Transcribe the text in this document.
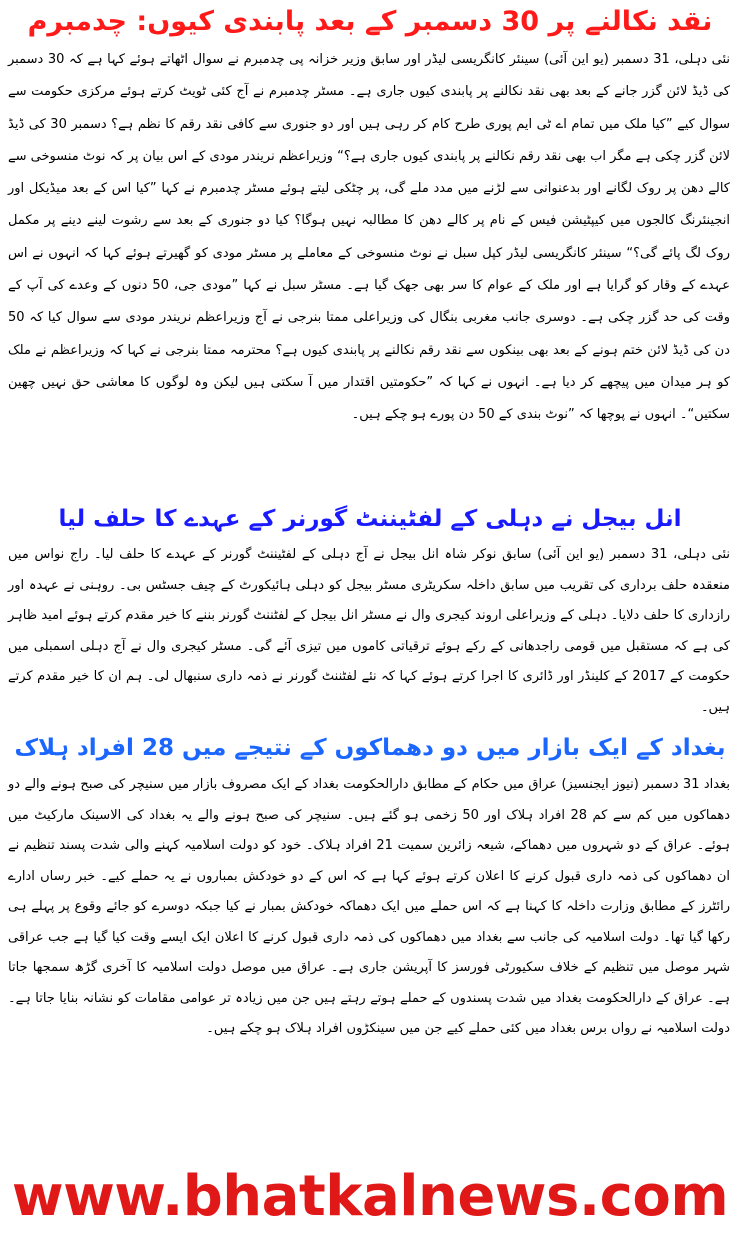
نقد نکالنے پر 30 دسمبر کے بعد پابندی کیوں: چدمبرم

نئی دہلی، 31 دسمبر (یو این آئی) سینئر کانگریسی لیڈر اور سابق وزیر خزانہ پی چدمبرم نے سوال اٹھاتے ہوئے کہا ہے کہ 30 دسمبر کی ڈیڈ لائن گزر جانے کے بعد بھی نقد نکالنے پر پابندی کیوں جاری ہے۔ مسٹر چدمبرم نے آج کئی ٹویٹ کرتے ہوئے مرکزی حکومت سے سوال کیے ”کیا ملک میں تمام اے ٹی ایم پوری طرح کام کر رہی ہیں اور دو جنوری سے کافی نقد رقم کا نظم ہے؟ دسمبر 30 کی ڈیڈ لائن گزر چکی ہے مگر اب بھی نقد رقم نکالنے پر پابندی کیوں جاری ہے؟“ وزیراعظم نریندر مودی کے اس بیان پر کہ نوٹ منسوخی سے کالے دھن پر روک لگانے اور بدعنوانی سے لڑنے میں مدد ملے گی، پر چٹکی لیتے ہوئے مسٹر چدمبرم نے کہا ”کیا اس کے بعد میڈیکل اور انجینئرنگ کالجوں میں کیپٹیشن فیس کے نام پر کالے دھن کا مطالبہ نہیں ہوگا؟ کیا دو جنوری کے بعد سے رشوت لینے دینے پر مکمل روک لگ پائے گی؟“ سینئر کانگریسی لیڈر کپل سبل نے نوٹ منسوخی کے معاملے پر مسٹر مودی کو گھیرتے ہوئے کہا کہ انہوں نے اس عہدے کے وقار کو گرایا ہے اور ملک کے عوام کا سر بھی جھک گیا ہے۔ مسٹر سبل نے کہا ”مودی جی، 50 دنوں کے وعدے کی آپ کے وقت کی حد گزر چکی ہے۔ دوسری جانب مغربی بنگال کی وزیراعلی ممتا بنرجی نے آج وزیراعظم نریندر مودی سے سوال کیا کہ 50 دن کی ڈیڈ لائن ختم ہونے کے بعد بھی بینکوں سے نقد رقم نکالنے پر پابندی کیوں ہے؟ محترمہ ممتا بنرجی نے کہا کہ وزیراعظم نے ملک کو ہر میدان میں پیچھے کر دیا ہے۔ انہوں نے کہا کہ ”حکومتیں اقتدار میں آ سکتی ہیں لیکن وہ لوگوں کا معاشی حق نہیں چھین سکتیں“۔ انہوں نے پوچھا کہ ”نوٹ بندی کے 50 دن پورے ہو چکے ہیں۔

انل بیجل نے دہلی کے لفٹیننٹ گورنر کے عہدے کا حلف لیا

نئی دہلی، 31 دسمبر (یو این آئی) سابق نوکر شاہ انل بیجل نے آج دہلی کے لفٹیننٹ گورنر کے عہدے کا حلف لیا۔ راج نواس میں منعقدہ حلف برداری کی تقریب میں سابق داخلہ سکریٹری مسٹر بیجل کو دہلی ہائیکورٹ کے چیف جسٹس بی۔ روہنی نے عہدہ اور رازداری کا حلف دلایا۔ دہلی کے وزیراعلی اروند کیجری وال نے مسٹر انل بیجل کے لفٹننٹ گورنر بننے کا خیر مقدم کرتے ہوئے امید ظاہر کی ہے کہ مستقبل میں قومی راجدھانی کے رکے ہوئے ترقیاتی کاموں میں تیزی آئے گی۔ مسٹر کیجری وال نے آج دہلی اسمبلی میں حکومت کے 2017 کے کلینڈر اور ڈائری کا اجرا کرتے ہوئے کہا کہ نئے لفٹننٹ گورنر نے ذمہ داری سنبھال لی۔ ہم ان کا خیر مقدم کرتے ہیں۔

بغداد کے ایک بازار میں دو دھماکوں کے نتیجے میں 28 افراد ہلاک

بغداد 31 دسمبر (نیوز ایجنسیز) عراق میں حکام کے مطابق دارالحکومت بغداد کے ایک مصروف بازار میں سنیچر کی صبح ہونے والے دو دھماکوں میں کم سے کم 28 افراد ہلاک اور 50 زخمی ہو گئے ہیں۔ سنیچر کی صبح ہونے والے یہ بغداد کی الاسینک مارکیٹ میں ہوئے۔ عراق کے دو شہروں میں دھماکے، شیعہ زائرین سمیت 21 افراد ہلاک۔ خود کو دولت اسلامیہ کہنے والی شدت پسند تنظیم نے ان دھماکوں کی ذمہ داری قبول کرنے کا اعلان کرتے ہوئے کہا ہے کہ اس کے دو خودکش بمباروں نے یہ حملے کیے۔ خبر رساں ادارے رائٹرز کے مطابق وزارت داخلہ کا کہنا ہے کہ اس حملے میں ایک دھماکہ خودکش بمبار نے کیا جبکہ دوسرے کو جائے وقوع پر پہلے ہی رکھا گیا تھا۔ دولت اسلامیہ کی جانب سے بغداد میں دھماکوں کی ذمہ داری قبول کرنے کا اعلان ایک ایسے وقت کیا گیا ہے جب عراقی شہر موصل میں تنظیم کے خلاف سکیورٹی فورسز کا آپریشن جاری ہے۔ عراق میں موصل دولت اسلامیہ کا آخری گڑھ سمجھا جاتا ہے۔ عراق کے دارالحکومت بغداد میں شدت پسندوں کے حملے ہوتے رہتے ہیں جن میں زیادہ تر عوامی مقامات کو نشانہ بنایا جاتا ہے۔ دولت اسلامیہ نے رواں برس بغداد میں کئی حملے کیے جن میں سینکڑوں افراد ہلاک ہو چکے ہیں۔

www.bhatkalnews.com
